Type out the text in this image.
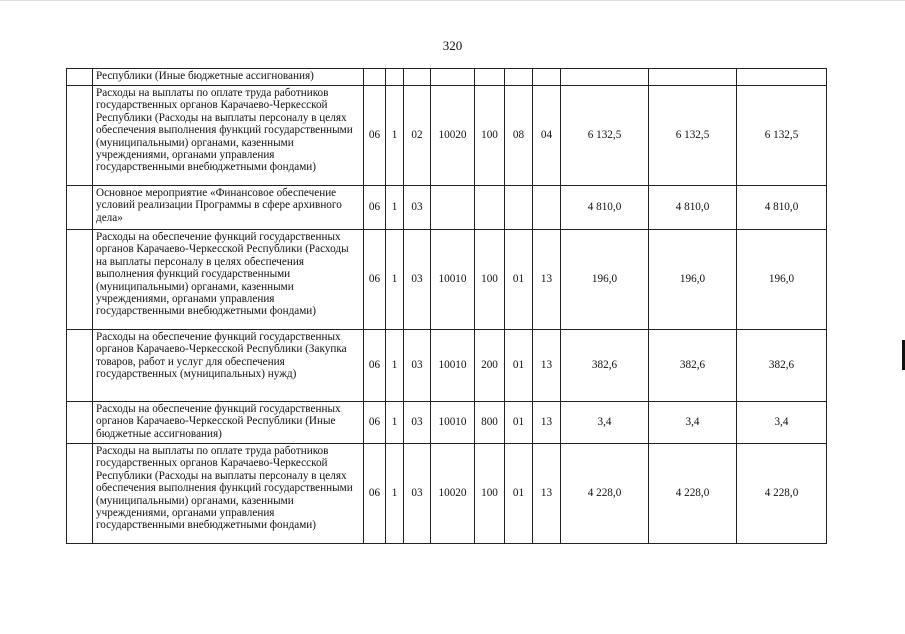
320
	Республики (Иные бюджетные ассигнования)										
	Расходы на выплаты по оплате труда работников государственных органов Карачаево-Черкесской Республики (Расходы на выплаты персоналу в целях обеспечения выполнения функций государственными (муниципальными) органами, казенными учреждениями, органами управления государственными внебюджетными фондами)	06	1	02	10020	100	08	04	6 132,5	6 132,5	6 132,5
	Основное мероприятие «Финансовое обеспечение условий реализации Программы в сфере архивного дела»	06	1	03					4 810,0	4 810,0	4 810,0
	Расходы на обеспечение функций государственных органов Карачаево-Черкесской Республики (Расходы на выплаты персоналу в целях обеспечения выполнения функций государственными (муниципальными) органами, казенными учреждениями, органами управления государственными внебюджетными фондами)	06	1	03	10010	100	01	13	196,0	196,0	196,0
	Расходы на обеспечение функций государственных органов Карачаево-Черкесской Республики (Закупка товаров, работ и услуг для обеспечения государственных (муниципальных) нужд)	06	1	03	10010	200	01	13	382,6	382,6	382,6
	Расходы на обеспечение функций государственных органов Карачаево-Черкесской Республики (Иные бюджетные ассигнования)	06	1	03	10010	800	01	13	3,4	3,4	3,4
	Расходы на выплаты по оплате труда работников государственных органов Карачаево-Черкесской Республики (Расходы на выплаты персоналу в целях обеспечения выполнения функций государственными (муниципальными) органами, казенными учреждениями, органами управления государственными внебюджетными фондами)	06	1	03	10020	100	01	13	4 228,0	4 228,0	4 228,0
